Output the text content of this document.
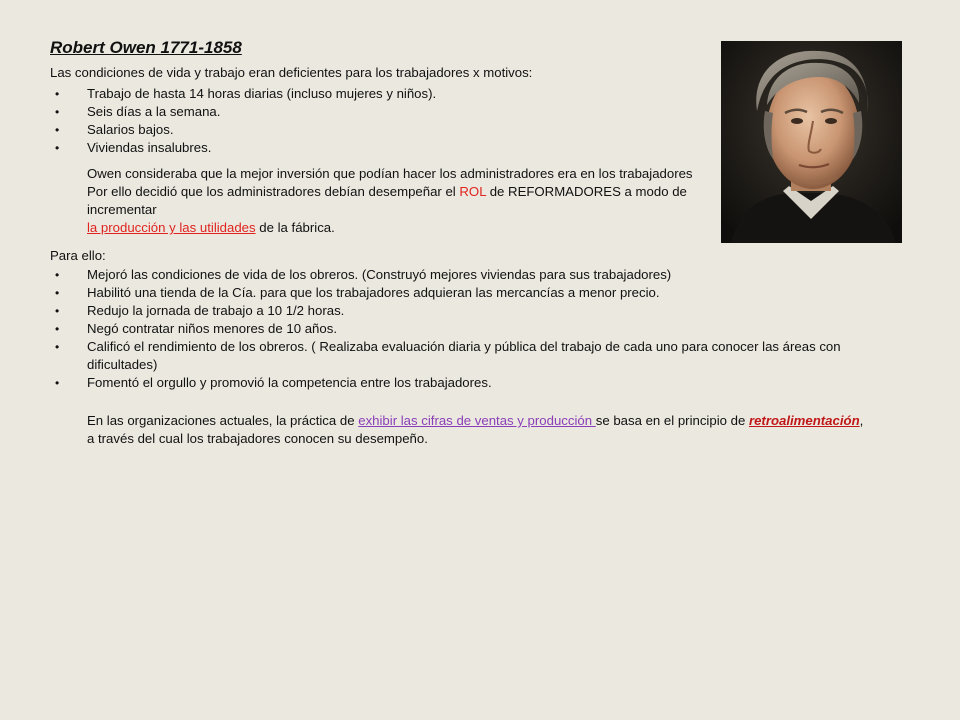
Robert Owen 1771-1858
Las condiciones de vida y trabajo eran deficientes para los trabajadores x motivos:
• Trabajo de hasta 14 horas diarias (incluso mujeres y niños).
• Seis días a la semana.
• Salarios bajos.
• Viviendas insalubres.
Owen consideraba que la mejor inversión que podían hacer los administradores era en los trabajadores
Por ello decidió que los administradores debían desempeñar el ROL de REFORMADORES a modo de incrementar
la producción y las utilidades de la fábrica.
Para ello:
• Mejoró las condiciones de vida de los obreros. (Construyó mejores viviendas para sus trabajadores)
• Habilitó una tienda de la Cía. para que los trabajadores adquieran las mercancías a menor precio.
• Redujo la jornada de trabajo a 10 1/2 horas.
• Negó contratar niños menores de 10 años.
• Calificó el rendimiento de los obreros. ( Realizaba evaluación diaria y pública del trabajo de cada uno para conocer las áreas con dificultades)
• Fomentó el orgullo y promovió la competencia entre los trabajadores.
En las organizaciones actuales, la práctica de exhibir las cifras de ventas y producción se basa en el principio de retroalimentación, a través del cual los trabajadores conocen su desempeño.
